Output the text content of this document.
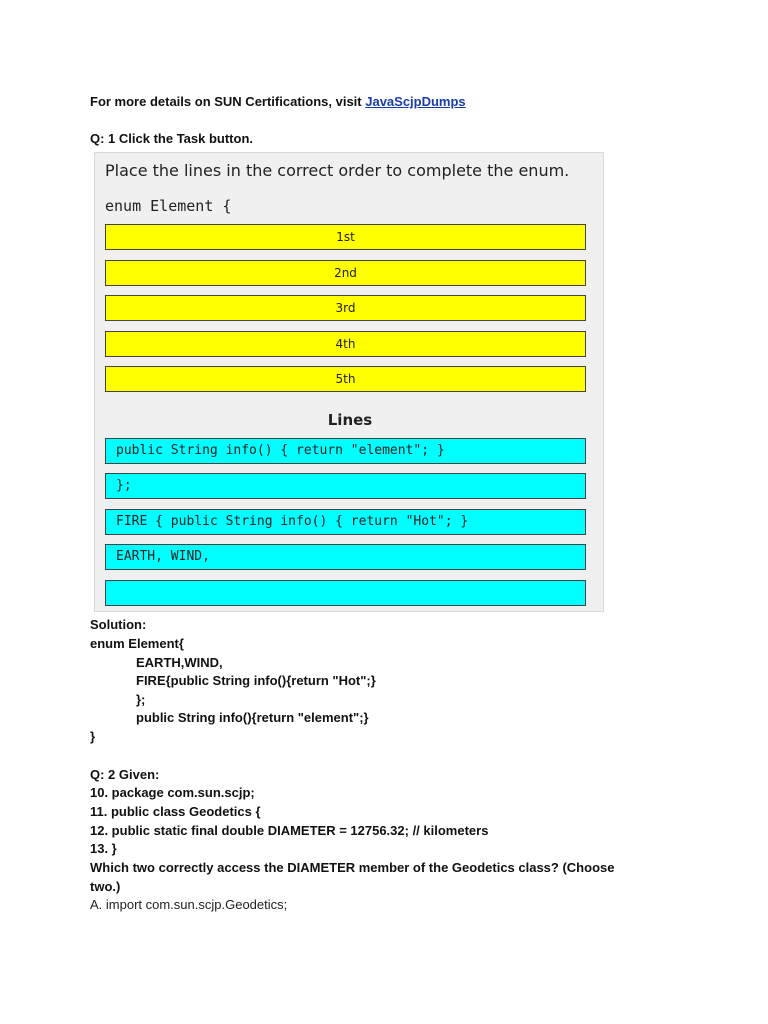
For more details on SUN Certifications, visit JavaScjpDumps
Q: 1 Click the Task button.
Place the lines in the correct order to complete the enum.
enum Element {
1st
2nd
3rd
4th
5th
Lines
public String info() { return "element"; }
};
FIRE { public String info() { return "Hot"; }
EARTH, WIND,
Solution:
enum Element{
EARTH,WIND,
FIRE{public String info(){return "Hot";}
};
public String info(){return "element";}
}
Q: 2 Given:
10. package com.sun.scjp;
11. public class Geodetics {
12. public static final double DIAMETER = 12756.32; // kilometers
13. }
Which two correctly access the DIAMETER member of the Geodetics class? (Choose
two.)
A. import com.sun.scjp.Geodetics;
